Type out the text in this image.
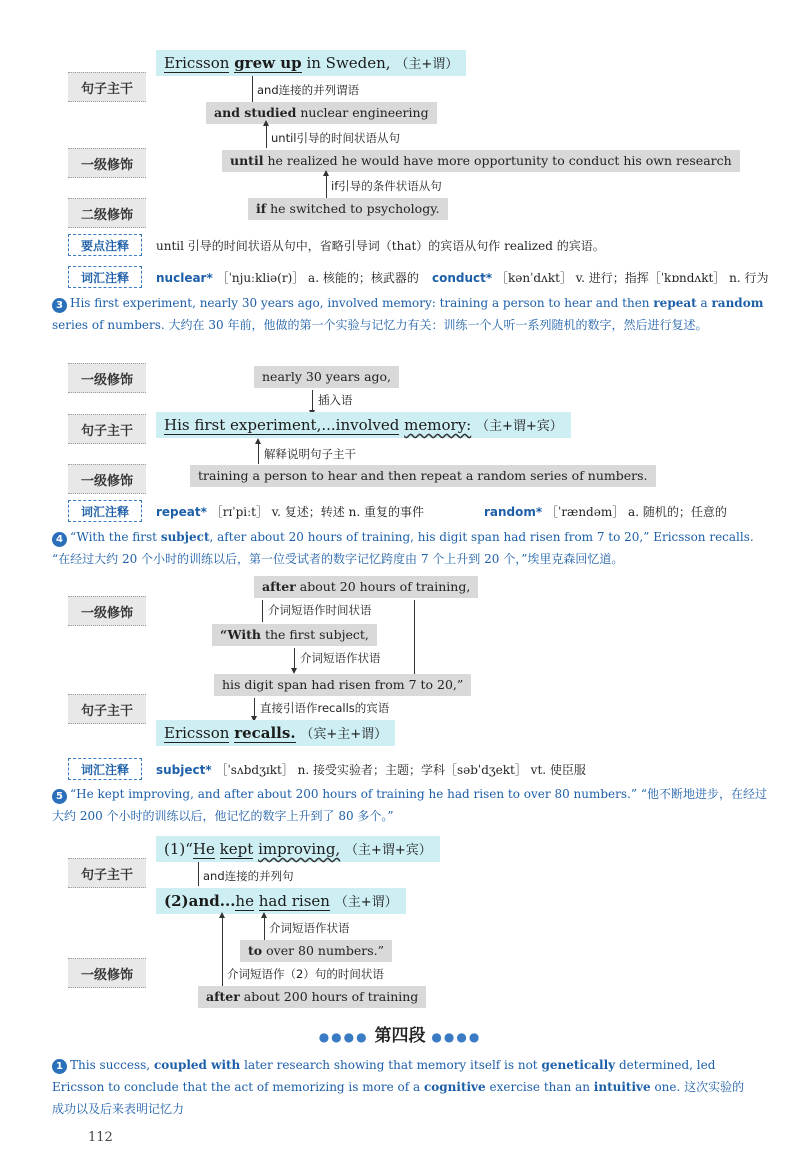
句子主干
一级修饰
二级修饰
Ericsson grew up in Sweden, （主+谓）
and连接的并列谓语
and studied nuclear engineering
until引导的时间状语从句
until he realized he would have more opportunity to conduct his own research
if引导的条件状语从句
if he switched to psychology.
要点注释	until 引导的时间状语从句中，省略引导词（that）的宾语从句作 realized 的宾语。
词汇注释	nuclear* ［ˈnjuːkliə(r)］ a. 核能的；核武器的 conduct* ［kənˈdʌkt］ v. 进行；指挥［ˈkɒndʌkt］ n. 行为
3 His first experiment, nearly 30 years ago, involved memory: training a person to hear and then repeat a random series of numbers. 大约在 30 年前，他做的第一个实验与记忆力有关：训练一个人听一系列随机的数字，然后进行复述。
一级修饰
句子主干
一级修饰
nearly 30 years ago,
插入语
His first experiment,...involved memory: （主+谓+宾）
解释说明句子主干
training a person to hear and then repeat a random series of numbers.
词汇注释	repeat* ［rɪˈpiːt］ v. 复述；转述 n. 重复的事件	random* ［ˈrændəm］ a. 随机的；任意的
4 “With the first subject, after about 20 hours of training, his digit span had risen from 7 to 20,” Ericsson recalls. “在经过大约 20 个小时的训练以后，第一位受试者的数字记忆跨度由 7 个上升到 20 个，”埃里克森回忆道。
一级修饰
句子主干
after about 20 hours of training,
介词短语作时间状语
“With the first subject,
介词短语作状语
his digit span had risen from 7 to 20,”
直接引语作recalls的宾语
Ericsson recalls. （宾+主+谓）
词汇注释	subject* ［ˈsʌbdʒɪkt］ n. 接受实验者；主题；学科［səbˈdʒekt］ vt. 使臣服
5 “He kept improving, and after about 200 hours of training he had risen to over 80 numbers.” “他不断地进步，在经过大约 200 个小时的训练以后，他记忆的数字上升到了 80 多个。”
句子主干
一级修饰
(1)“He kept improving, （主+谓+宾）
and连接的并列句
(2)and...he had risen （主+谓）
介词短语作状语
to over 80 numbers.”
介词短语作（2）句的时间状语
after about 200 hours of training
●●●● 第四段 ●●●●
1 This success, coupled with later research showing that memory itself is not genetically determined, led Ericsson to conclude that the act of memorizing is more of a cognitive exercise than an intuitive one. 这次实验的成功以及后来表明记忆力
112
